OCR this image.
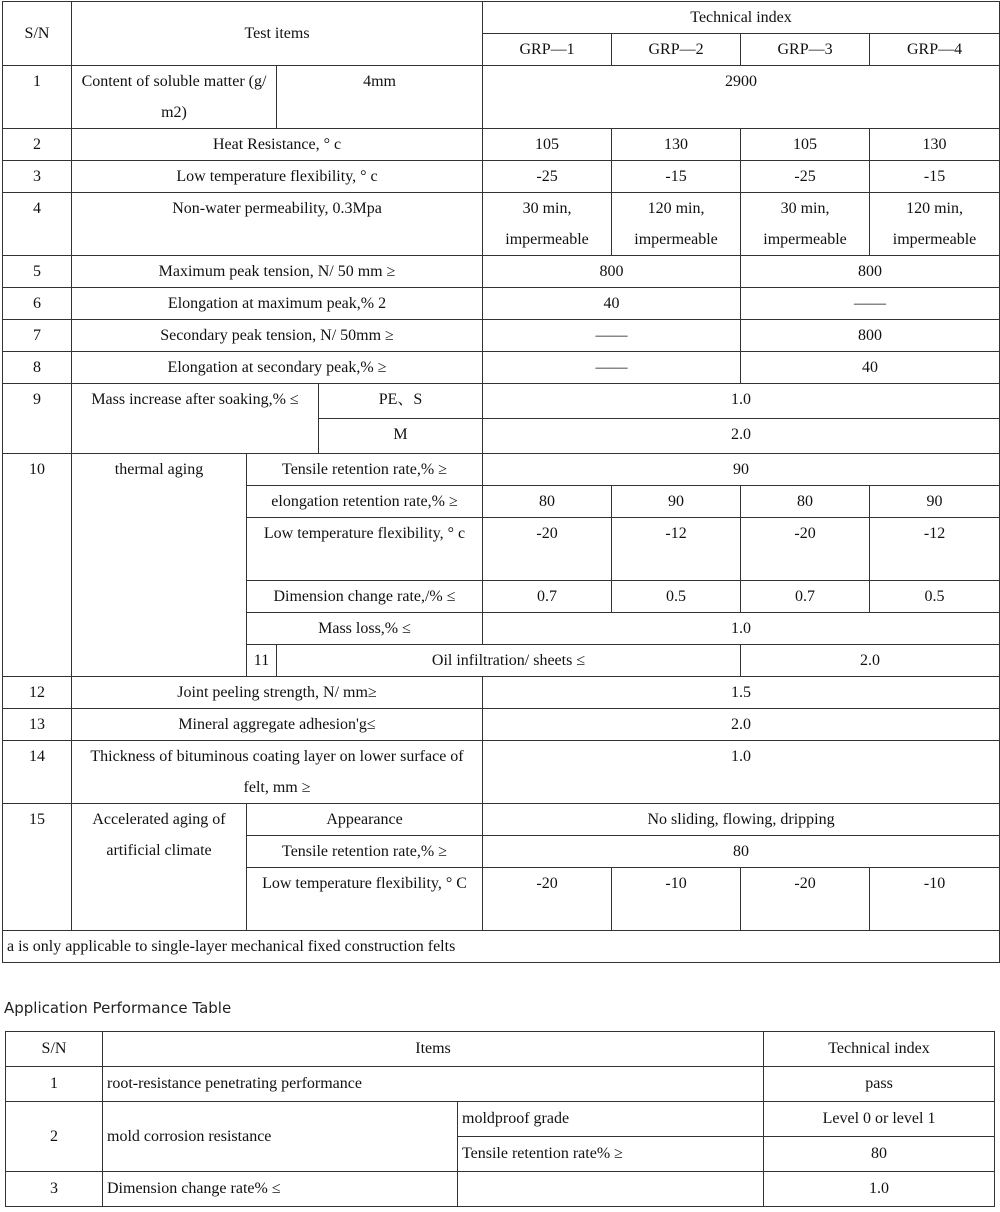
S/N	Test items				Technical index			
					GRP—1	GRP—2	GRP—3	GRP—4
1	Content of soluble matter (g/ m2)		4mm		2900			
2	Heat Resistance, ° c				105	130	105	130
3	Low temperature flexibility, ° c				-25	-15	-25	-15
4	Non-water permeability, 0.3Mpa				30 min, impermeable	120 min, impermeable	30 min, impermeable	120 min, impermeable
5	Maximum peak tension, N/ 50 mm ≥				800		800	
6	Elongation at maximum peak,% 2				40		——	
7	Secondary peak tension, N/ 50mm ≥				——		800	
8	Elongation at secondary peak,% ≥				——		40	
9	Mass increase after soaking,% ≤			PE、S	1.0			
				M	2.0			
10	thermal aging	Tensile retention rate,% ≥			90			
		elongation retention rate,% ≥			80	90	80	90
		Low temperature flexibility, ° c			-20	-12	-20	-12
		Dimension change rate,/% ≤			0.7	0.5	0.7	0.5
		Mass loss,% ≤			1.0			
		11	Oil infiltration/ sheets ≤				2.0	
12	Joint peeling strength, N/ mm≥				1.5			
13	Mineral aggregate adhesion'g≤				2.0			
14	Thickness of bituminous coating layer on lower surface of felt, mm ≥				1.0			
15	Accelerated aging of artificial climate	Appearance			No sliding, flowing, dripping			
		Tensile retention rate,% ≥			80			
		Low temperature flexibility, ° C			-20	-10	-20	-10
a is only applicable to single-layer mechanical fixed construction felts								
Application Performance Table
S/N	Items		Technical index
1	root-resistance penetrating performance		pass
2	mold corrosion resistance	moldproof grade	Level 0 or level 1
		Tensile retention rate% ≥	80
3	Dimension change rate% ≤		1.0
